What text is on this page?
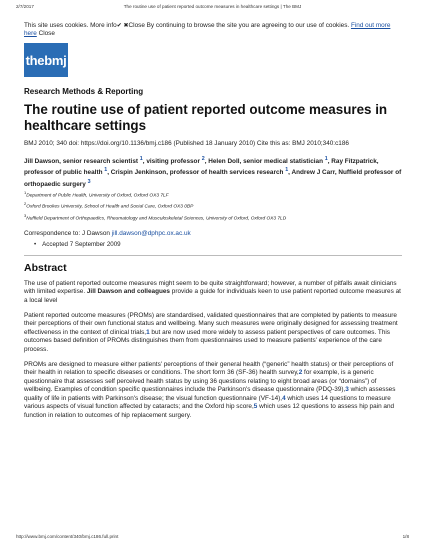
2/7/2017	The routine use of patient reported outcome measures in healthcare settings | The BMJ
This site uses cookies. More info✔ ✖Close By continuing to browse the site you are agreeing to our use of cookies. Find out more here Close
the bmj
Research Methods & Reporting
The routine use of patient reported outcome measures in healthcare settings
BMJ 2010; 340 doi: https://doi.org/10.1136/bmj.c186 (Published 18 January 2010) Cite this as: BMJ 2010;340:c186
Jill Dawson, senior research scientist $^1$, visiting professor $^2$, Helen Doll, senior medical statistician $^1$, Ray Fitzpatrick, professor of public health $^1$, Crispin Jenkinson, professor of health services research $^1$, Andrew J Carr, Nuffield professor of orthopaedic surgery $^3$
$^1$Department of Public Health, University of Oxford, Oxford OX3 7LF
$^2$Oxford Brookes University, School of Health and Social Care, Oxford OX3 0BP
$^3$Nuffield Department of Orthopaedics, Rheumatology and Musculoskeletal Sciences, University of Oxford, Oxford OX3 7LD
Correspondence to: J Dawson jill.dawson@dphpc.ox.ac.uk
• Accepted 7 September 2009
Abstract

The use of patient reported outcome measures might seem to be quite straightforward; however, a number of pitfalls await clinicians with limited expertise. Jill Dawson and colleagues provide a guide for individuals keen to use patient reported outcome measures at a local level

Patient reported outcome measures (PROMs) are standardised, validated questionnaires that are completed by patients to measure their perceptions of their own functional status and wellbeing. Many such measures were originally designed for assessing treatment effectiveness in the context of clinical trials,1 but are now used more widely to assess patient perspectives of care outcomes. This outcomes based definition of PROMs distinguishes them from questionnaires used to measure patients' experience of the care process.

PROMs are designed to measure either patients' perceptions of their general health (“generic” health status) or their perceptions of their health in relation to specific diseases or conditions. The short form 36 (SF-36) health survey,2 for example, is a generic questionnaire that assesses self perceived health status by using 36 questions relating to eight broad areas (or “domains”) of wellbeing. Examples of condition specific questionnaires include the Parkinson's disease questionnaire (PDQ-39),3 which assesses quality of life in patients with Parkinson's disease; the visual function questionnaire (VF-14),4 which uses 14 questions to measure various aspects of visual function affected by cataracts; and the Oxford hip score,5 which uses 12 questions to assess hip pain and function in relation to outcomes of hip replacement surgery.

http://www.bmj.com/content/340/bmj.c186.full.print	1/8
